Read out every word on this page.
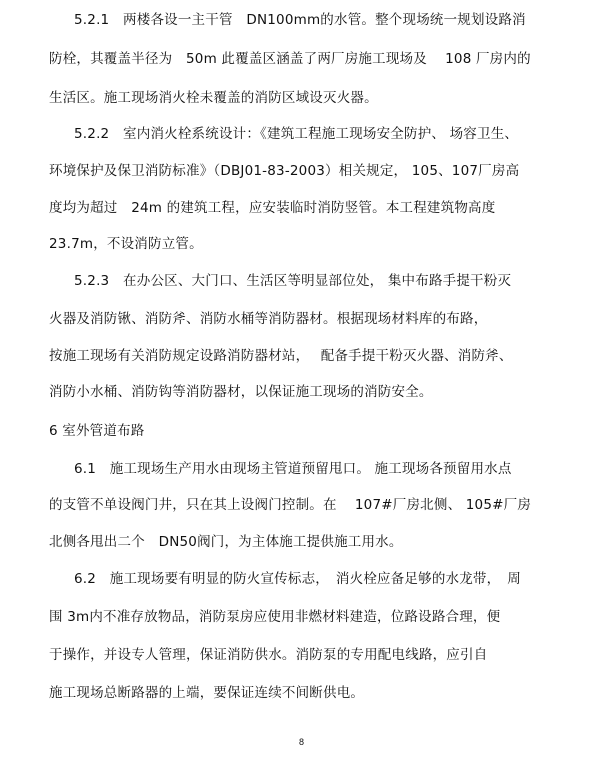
5.2.1　两楼各设一主干管　DN100mm的水管。整个现场统一规划设路消
防栓，其覆盖半径为　50m 此覆盖区涵盖了两厂房施工现场及　 108 厂房内的
生活区。施工现场消火栓未覆盖的消防区域设灭火器。
5.2.2　室内消火栓系统设计：《建筑工程施工现场安全防护、 场容卫生、
环境保护及保卫消防标准》（DBJ01-83-2003）相关规定， 105、107厂房高
度均为超过　24m 的建筑工程，应安装临时消防竖管。本工程建筑物高度
23.7m，不设消防立管。
5.2.3　在办公区、大门口、生活区等明显部位处， 集中布路手提干粉灭
火器及消防锹、消防斧、消防水桶等消防器材。根据现场材料库的布路，
按施工现场有关消防规定设路消防器材站，　 配备手提干粉灭火器、消防斧、
消防小水桶、消防钩等消防器材，以保证施工现场的消防安全。
6 室外管道布路
6.1　施工现场生产用水由现场主管道预留甩口。 施工现场各预留用水点
的支管不单设阀门井，只在其上设阀门控制。在　 107#厂房北侧、 105#厂房
北侧各甩出二个　DN50阀门，为主体施工提供施工用水。
6.2　施工现场要有明显的防火宣传标志，　消火栓应备足够的水龙带，　周
围 3m内不准存放物品，消防泵房应使用非燃材料建造，位路设路合理，便
于操作，并设专人管理，保证消防供水。消防泵的专用配电线路，应引自
施工现场总断路器的上端，要保证连续不间断供电。
8
